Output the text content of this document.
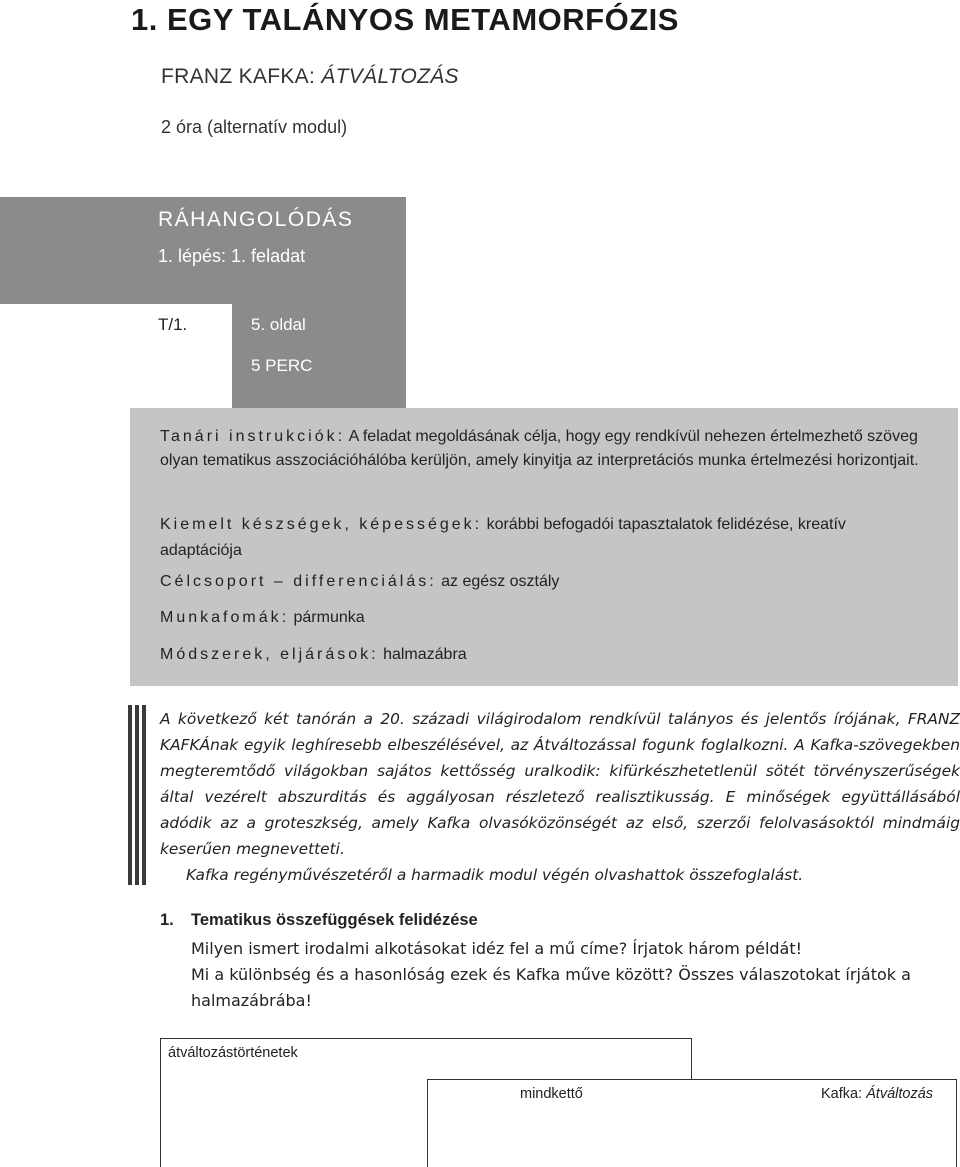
1. EGY TALÁNYOS METAMORFÓZIS
FRANZ KAFKA: ÁTVÁLTOZÁS
2 óra (alternatív modul)
RÁHANGOLÓDÁS
1. lépés: 1. feladat
T/1.	5. oldal
5 PERC
Tanári instrukciók: A feladat megoldásának célja, hogy egy rendkívül nehezen értelmezhető szöveg olyan tematikus asszociációhálóba kerüljön, amely kinyitja az interpretációs munka értelmezési horizontjait.
Kiemelt készségek, képességek: korábbi befogadói tapasztalatok felidézése, kreatív adaptációja
Célcsoport – differenciálás: az egész osztály
Munkafomák: pármunka
Módszerek, eljárások: halmazábra

A következő két tanórán a 20. századi világirodalom rendkívül talányos és jelentős írójának, FRANZ KAFKÁnak egyik leghíresebb elbeszélésével, az Átváltozással fogunk foglalkozni. A Kafka-szövegekben megteremtődő világokban sajátos kettősség uralkodik: kifürkészhetetlenül sötét törvényszerűségek által vezérelt abszurditás és aggályosan részletező realisztikusság. E minőségek együttállásából adódik az a groteszkség, amely Kafka olvasóközönségét az első, szerzői felolvasásoktól mindmáig keserűen megnevetteti.

Kafka regényművészetéről a harmadik modul végén olvashattok összefoglalást.

1. Tematikus összefüggések felidézése

Milyen ismert irodalmi alkotásokat idéz fel a mű címe? Írjatok három példát!

Mi a különbség és a hasonlóság ezek és Kafka műve között? Összes válaszotokat írjátok a halmazábrába!

átváltozástörténetek
mindkettő	Kafka: Átváltozás
